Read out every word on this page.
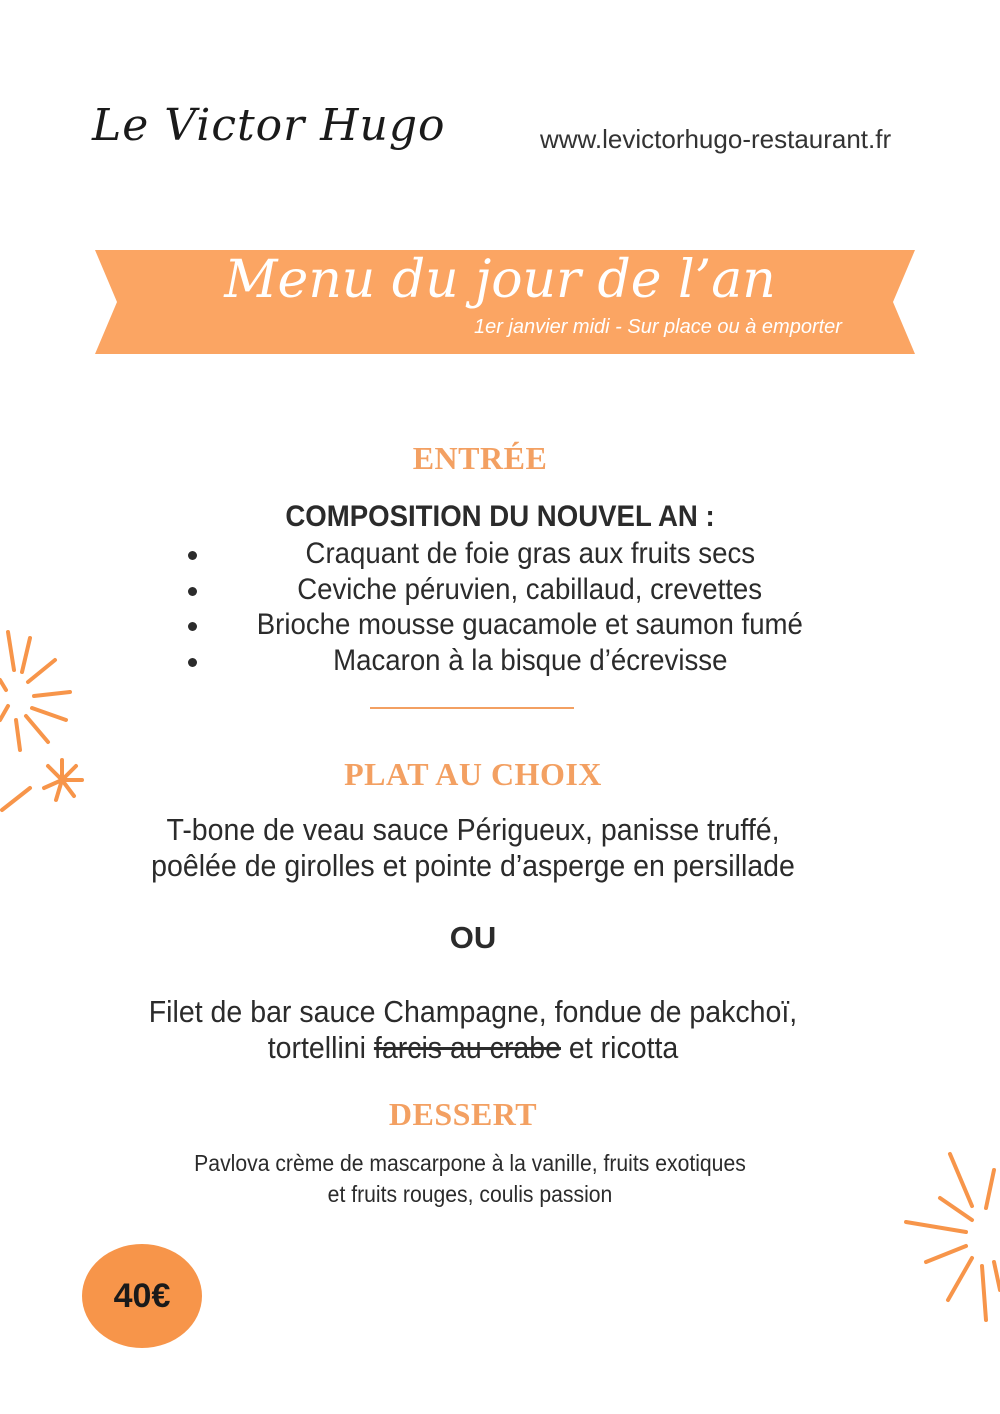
Le Victor Hugo	www.levictorhugo-restaurant.fr
Menu du jour de l’an
1er janvier midi - Sur place ou à emporter
ENTRÉE
COMPOSITION DU NOUVEL AN :
Craquant de foie gras aux fruits secs
Ceviche péruvien, cabillaud, crevettes
Brioche mousse guacamole et saumon fumé
Macaron à la bisque d’écrevisse
PLAT AU CHOIX
T-bone de veau sauce Périgueux, panisse truffé,
poêlée de girolles et pointe d’asperge en persillade
OU
Filet de bar sauce Champagne, fondue de pakchoï,
tortellini farcis au crabe et ricotta
DESSERT
Pavlova crème de mascarpone à la vanille, fruits exotiques
et fruits rouges, coulis passion
40€
